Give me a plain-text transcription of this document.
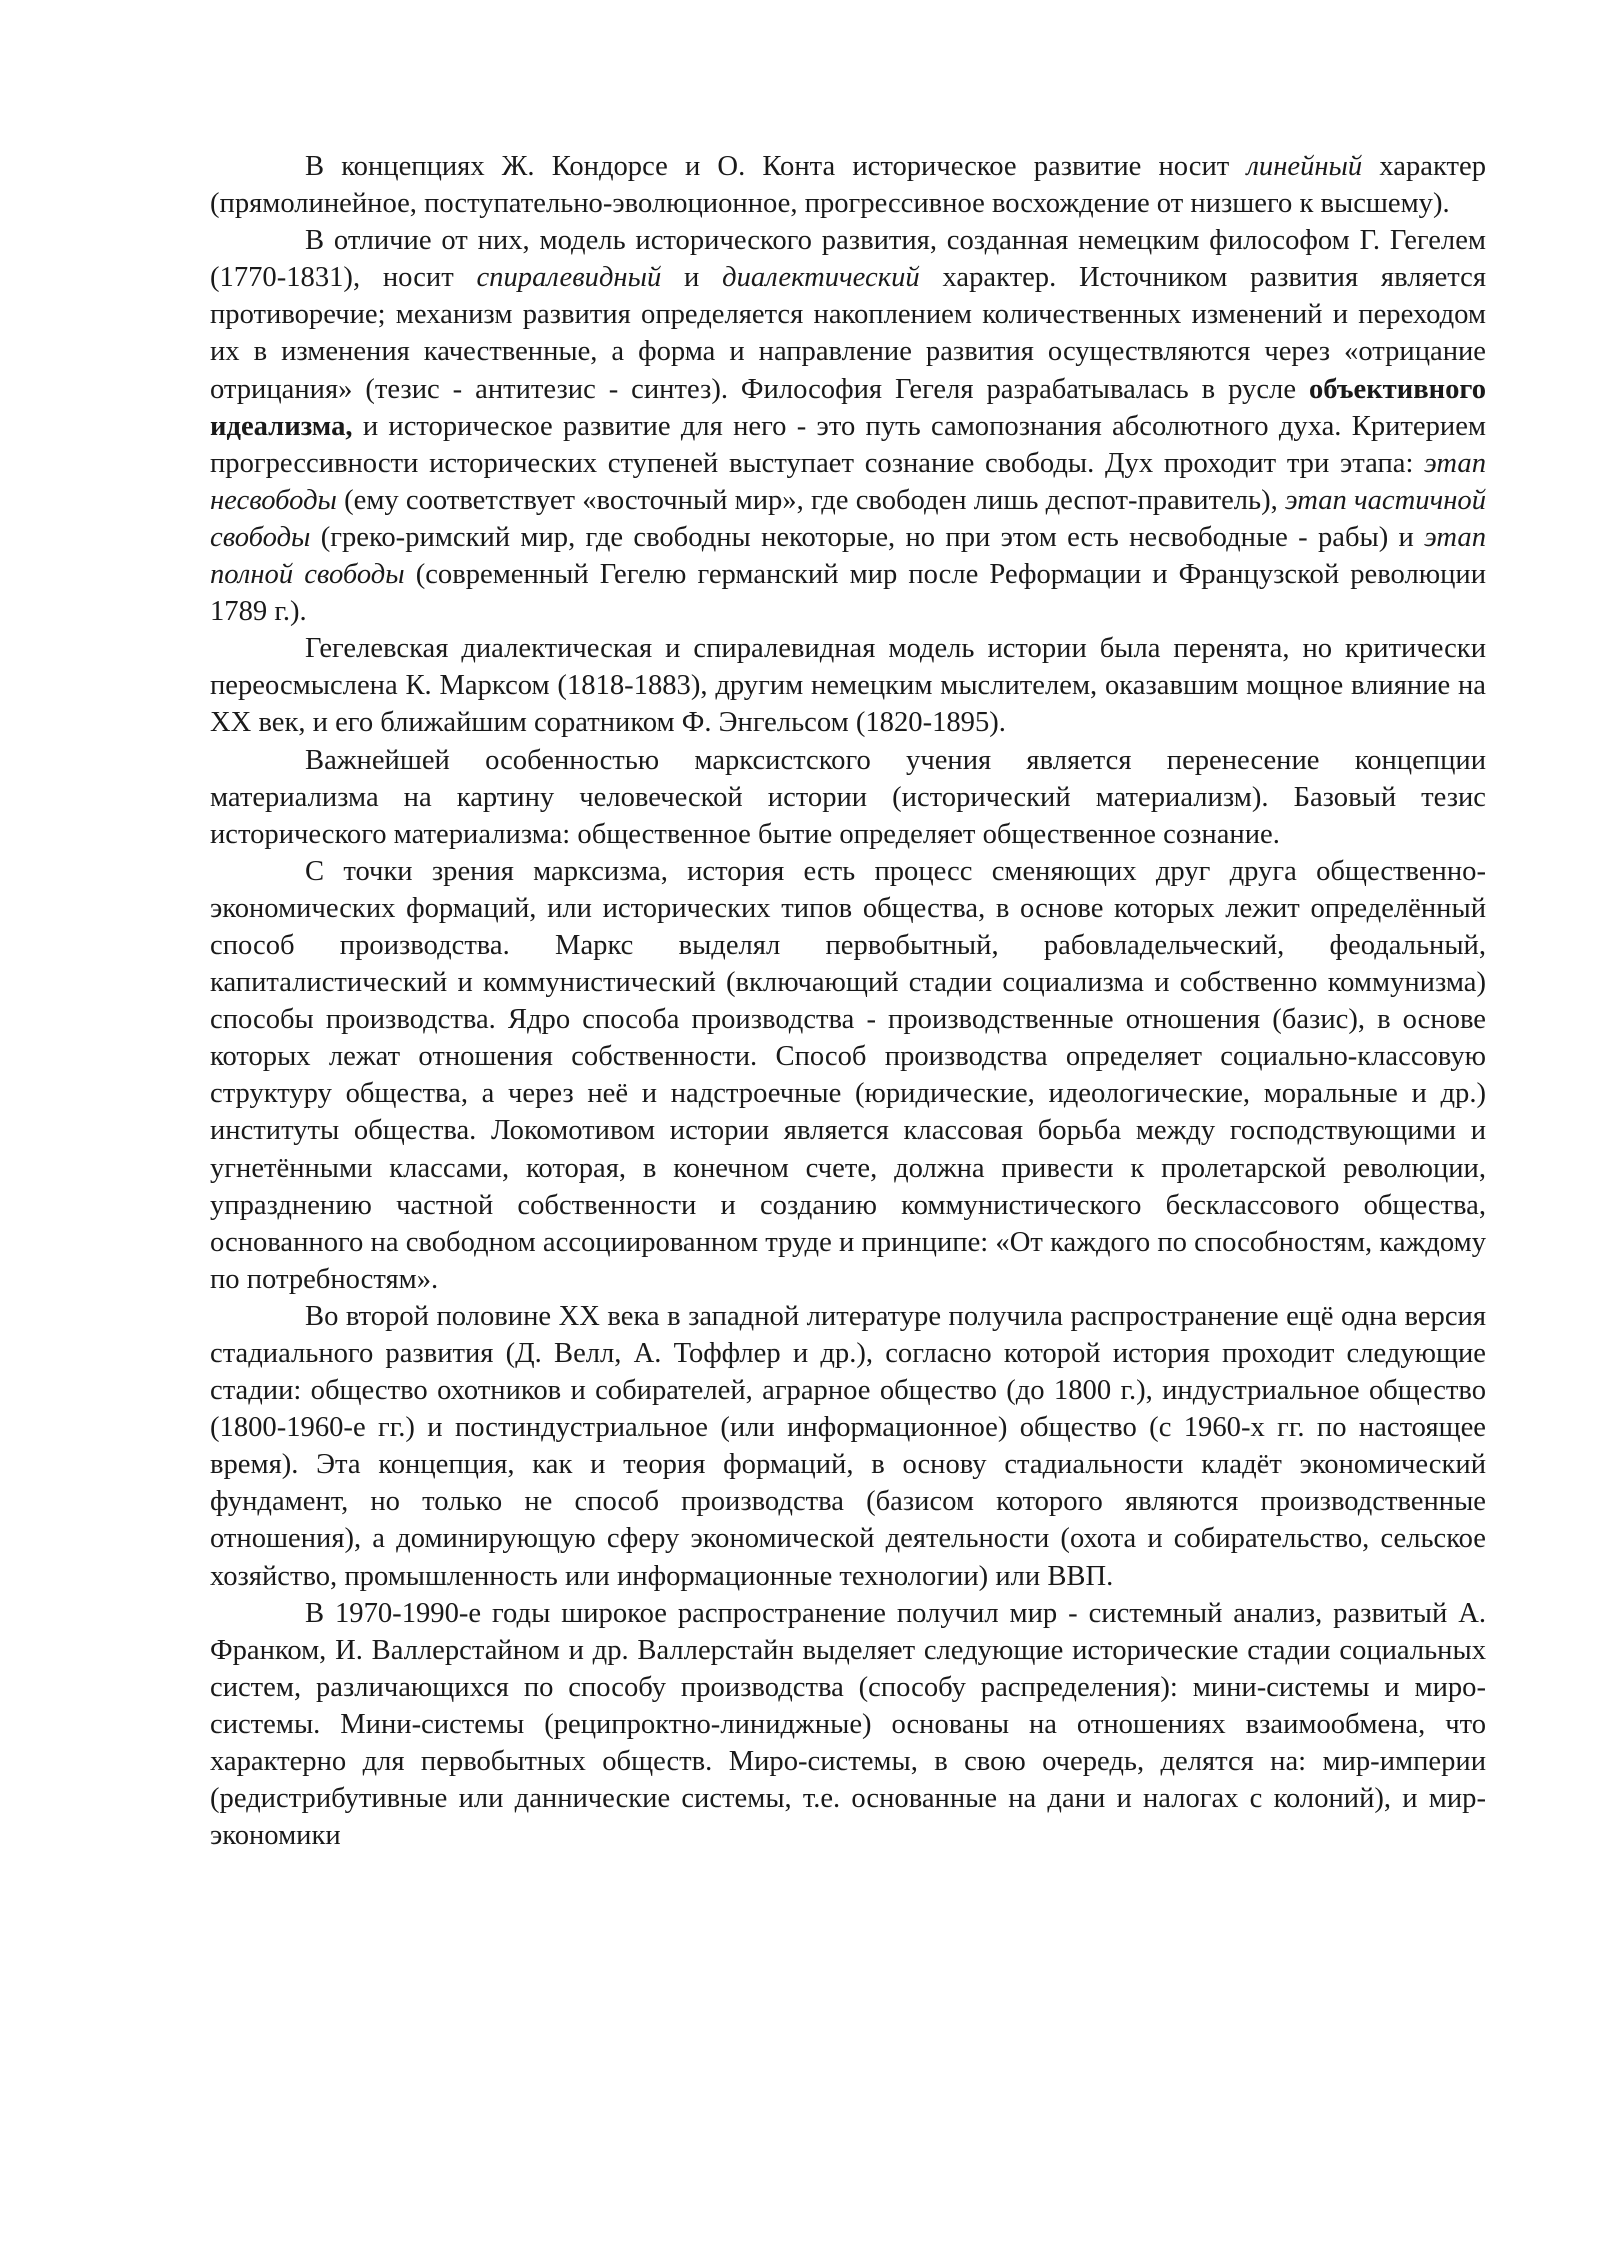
В концепциях Ж. Кондорсе и О. Конта историческое развитие носит линейный характер (прямолинейное, поступательно-эволюционное, прогрессивное восхождение от низшего к высшему).

В отличие от них, модель исторического развития, созданная немецким философом Г. Гегелем (1770-1831), носит спиралевидный и диалектический характер. Источником развития является противоречие; механизм развития определяется накоплением количественных изменений и переходом их в изменения качественные, а форма и направление развития осуществляются через «отрицание отрицания» (тезис - антитезис - синтез). Философия Гегеля разрабатывалась в русле объективного идеализма, и историческое развитие для него - это путь самопознания абсолютного духа. Критерием прогрессивности исторических ступеней выступает сознание свободы. Дух проходит три этапа: этап несвободы (ему соответствует «восточный мир», где свободен лишь деспот-правитель), этап частичной свободы (греко-римский мир, где свободны некоторые, но при этом есть несвободные - рабы) и этап полной свободы (современный Гегелю германский мир после Реформации и Французской революции 1789 г.).

Гегелевская диалектическая и спиралевидная модель истории была перенята, но критически переосмыслена К. Марксом (1818-1883), другим немецким мыслителем, оказавшим мощное влияние на XX век, и его ближайшим соратником Ф. Энгельсом (1820-1895).

Важнейшей особенностью марксистского учения является перенесение концепции материализма на картину человеческой истории (исторический материализм). Базовый тезис исторического материализма: общественное бытие определяет общественное сознание.

С точки зрения марксизма, история есть процесс сменяющих друг друга общественно-экономических формаций, или исторических типов общества, в основе которых лежит определённый способ производства. Маркс выделял первобытный, рабовладельческий, феодальный, капиталистический и коммунистический (включающий стадии социализма и собственно коммунизма) способы производства. Ядро способа производства - производственные отношения (базис), в основе которых лежат отношения собственности. Способ производства определяет социально-классовую структуру общества, а через неё и надстроечные (юридические, идеологические, моральные и др.) институты общества. Локомотивом истории является классовая борьба между господствующими и угнетёнными классами, которая, в конечном счете, должна привести к пролетарской революции, упразднению частной собственности и созданию коммунистического бесклассового общества, основанного на свободном ассоциированном труде и принципе: «От каждого по способностям, каждому по потребностям».

Во второй половине XX века в западной литературе получила распространение ещё одна версия стадиального развития (Д. Велл, А. Тоффлер и др.), согласно которой история проходит следующие стадии: общество охотников и собирателей, аграрное общество (до 1800 г.), индустриальное общество (1800-1960-е гг.) и постиндустриальное (или информационное) общество (с 1960-х гг. по настоящее время). Эта концепция, как и теория формаций, в основу стадиальности кладёт экономический фундамент, но только не способ производства (базисом которого являются производственные отношения), а доминирующую сферу экономической деятельности (охота и собирательство, сельское хозяйство, промышленность или информационные технологии) или ВВП.

В 1970-1990-е годы широкое распространение получил мир - системный анализ, развитый А. Франком, И. Валлерстайном и др. Валлерстайн выделяет следующие исторические стадии социальных систем, различающихся по способу производства (способу распределения): мини-системы и миро-системы. Мини-системы (реципроктно-линиджные) основаны на отношениях взаимообмена, что характерно для первобытных обществ. Миро-системы, в свою очередь, делятся на: мир-империи (редистрибутивные или даннические системы, т.е. основанные на дани и налогах с колоний), и мир-экономики
